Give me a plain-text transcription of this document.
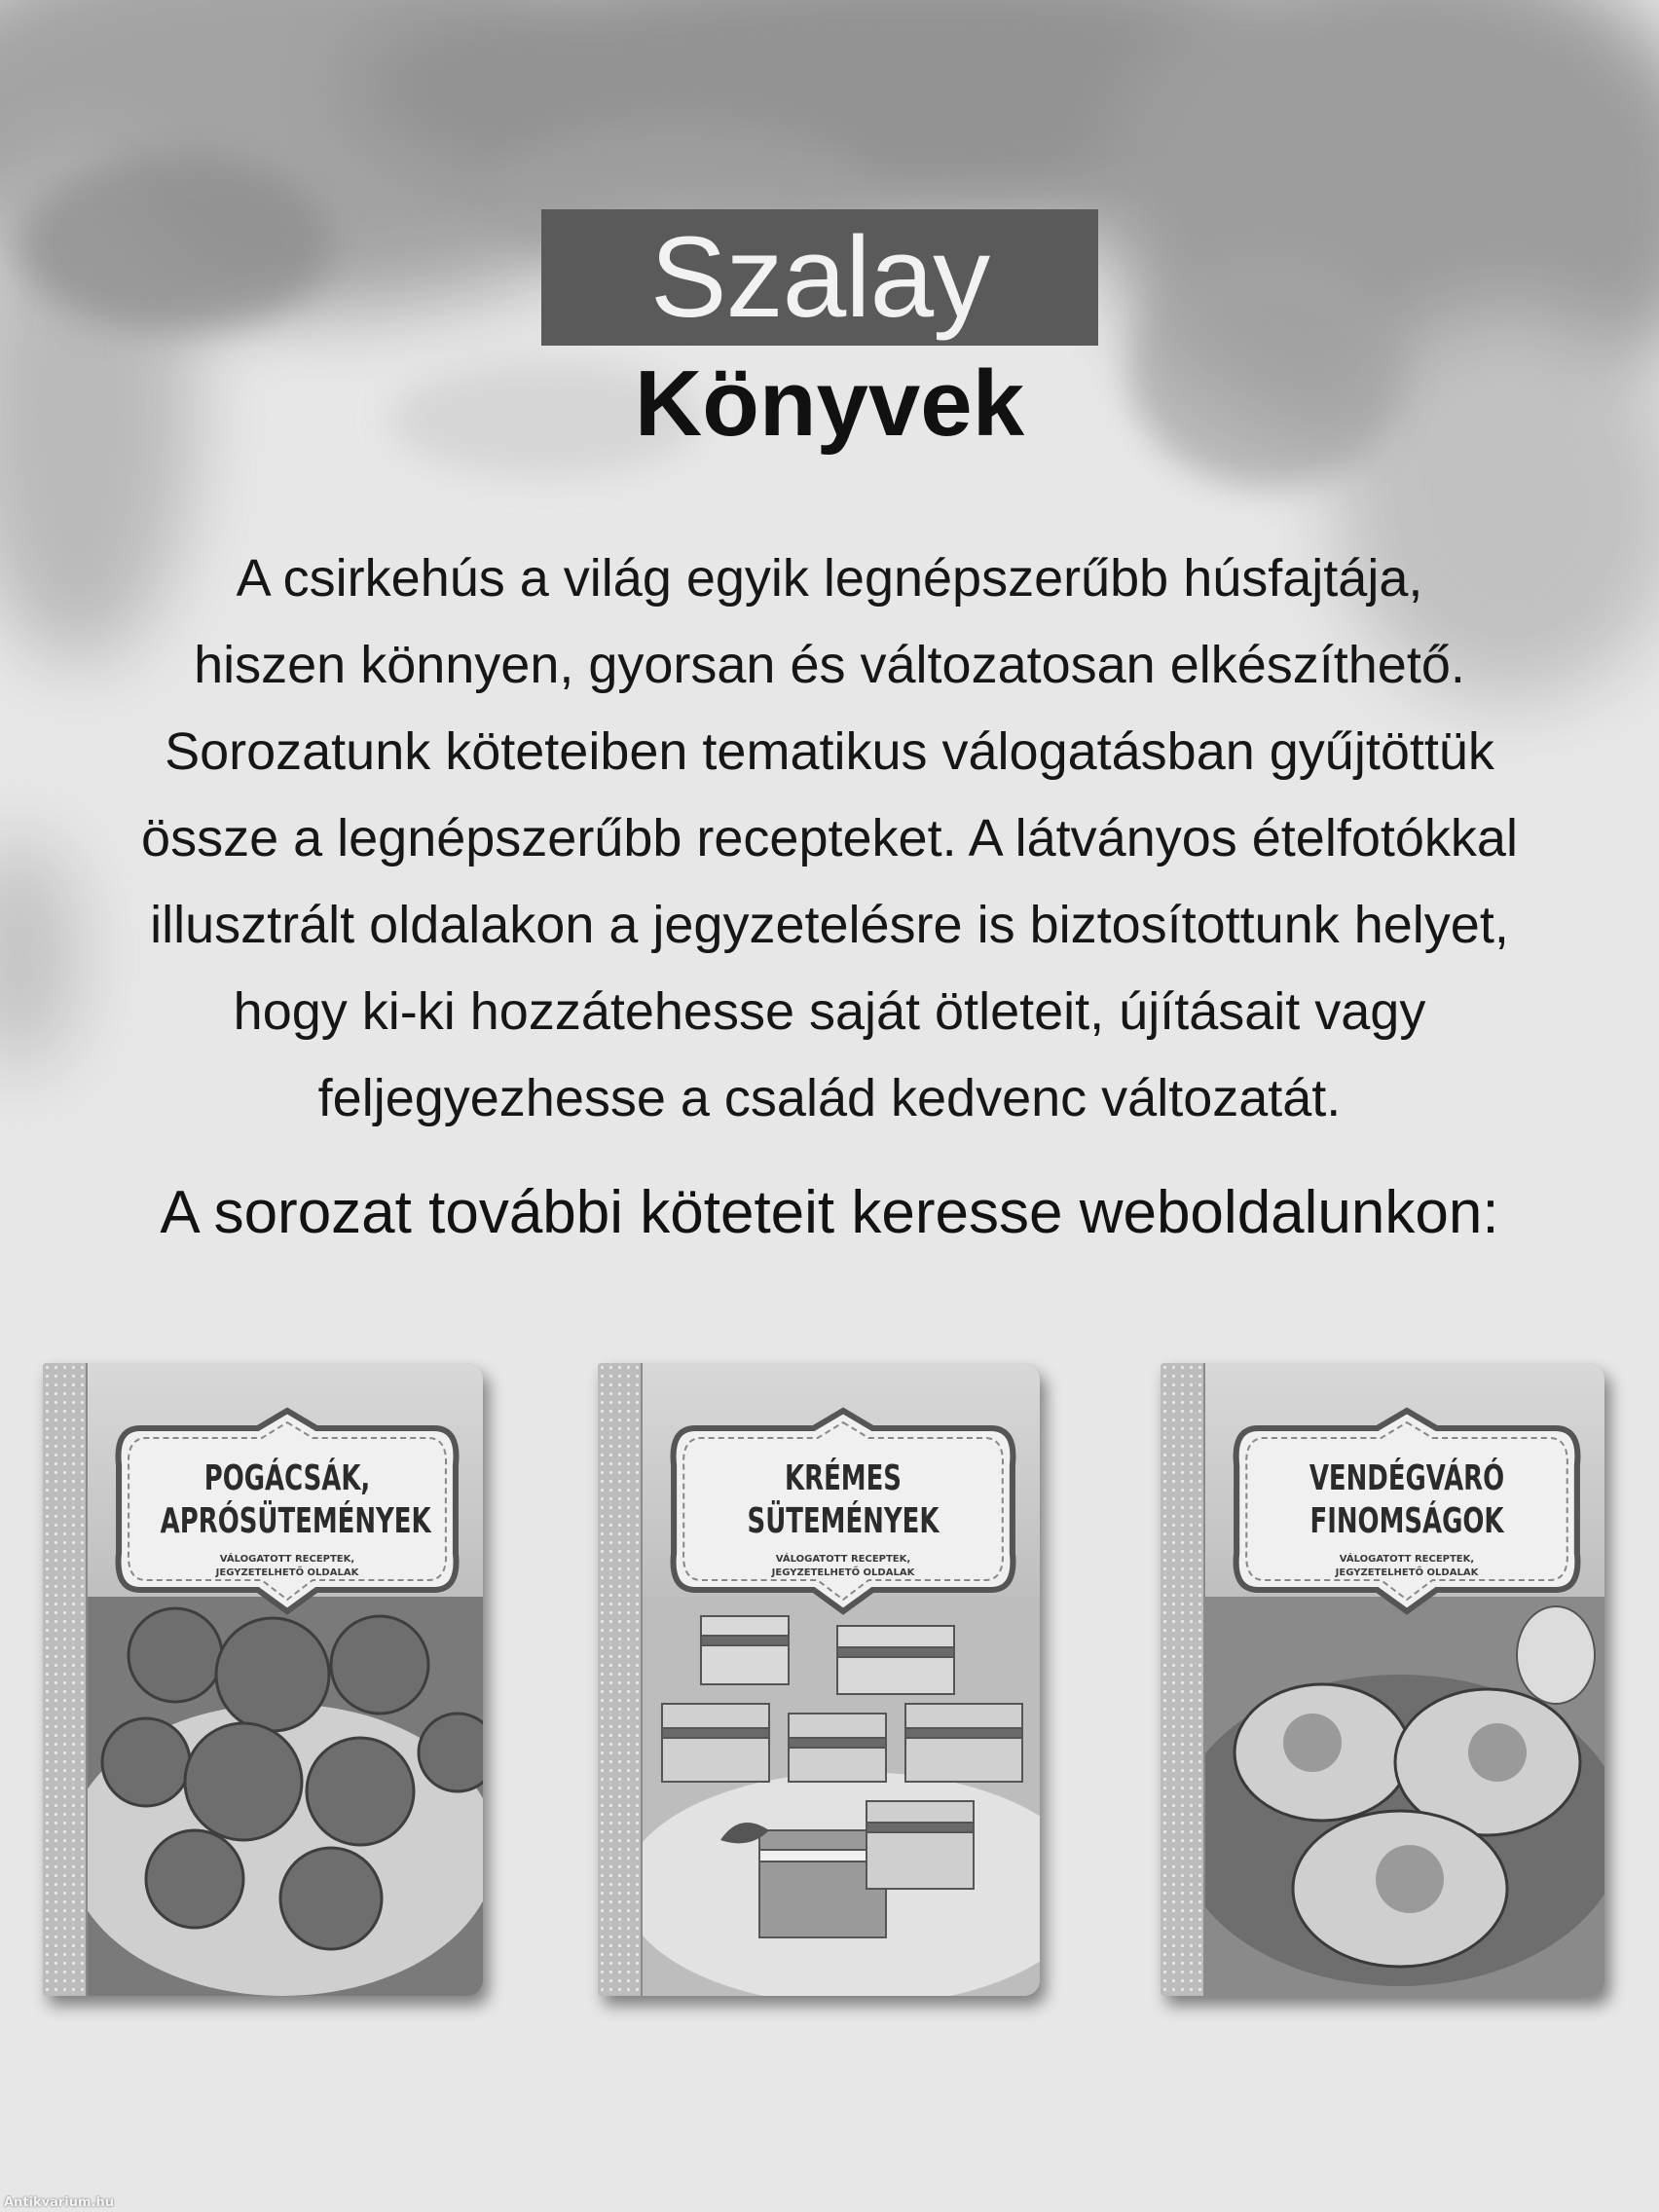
Szalay
Könyvek
A csirkehús a világ egyik legnépszerűbb húsfajtája,
hiszen könnyen, gyorsan és változatosan elkészíthető.
Sorozatunk köteteiben tematikus válogatásban gyűjtöttük
össze a legnépszerűbb recepteket. A látványos ételfotókkal
illusztrált oldalakon a jegyzetelésre is biztosítottunk helyet,
hogy ki-ki hozzátehesse saját ötleteit, újításait vagy
feljegyezhesse a család kedvenc változatát.
A sorozat további köteteit keresse weboldalunkon:
POGÁCSÁK,
APRÓSÜTEMÉNYEK
VÁLOGATOTT RECEPTEK,
JEGYZETELHETŐ OLDALAK
KRÉMES
SÜTEMÉNYEK
VÁLOGATOTT RECEPTEK,
JEGYZETELHETŐ OLDALAK
VENDÉGVÁRÓ
FINOMSÁGOK
VÁLOGATOTT RECEPTEK,
JEGYZETELHETŐ OLDALAK
Antikvarium.hu
